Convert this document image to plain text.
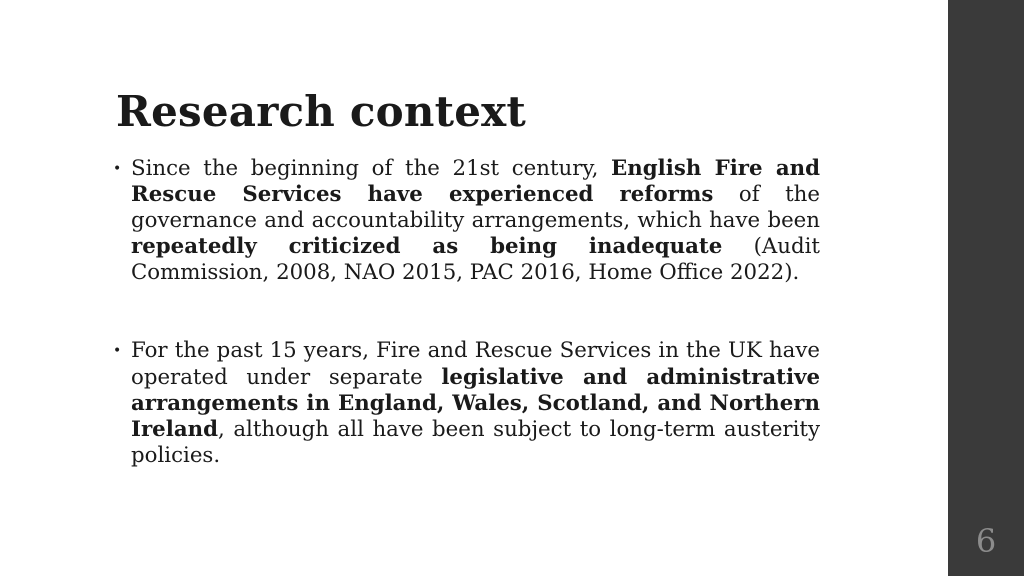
Research context
• Since the beginning of the 21st century, English Fire and Rescue Services have experienced reforms of the governance and accountability arrangements, which have been repeatedly criticized as being inadequate (Audit Commission, 2008, NAO 2015, PAC 2016, Home Office 2022).
• For the past 15 years, Fire and Rescue Services in the UK have operated under separate legislative and administrative arrangements in England, Wales, Scotland, and Northern Ireland, although all have been subject to long-term austerity policies.
6
